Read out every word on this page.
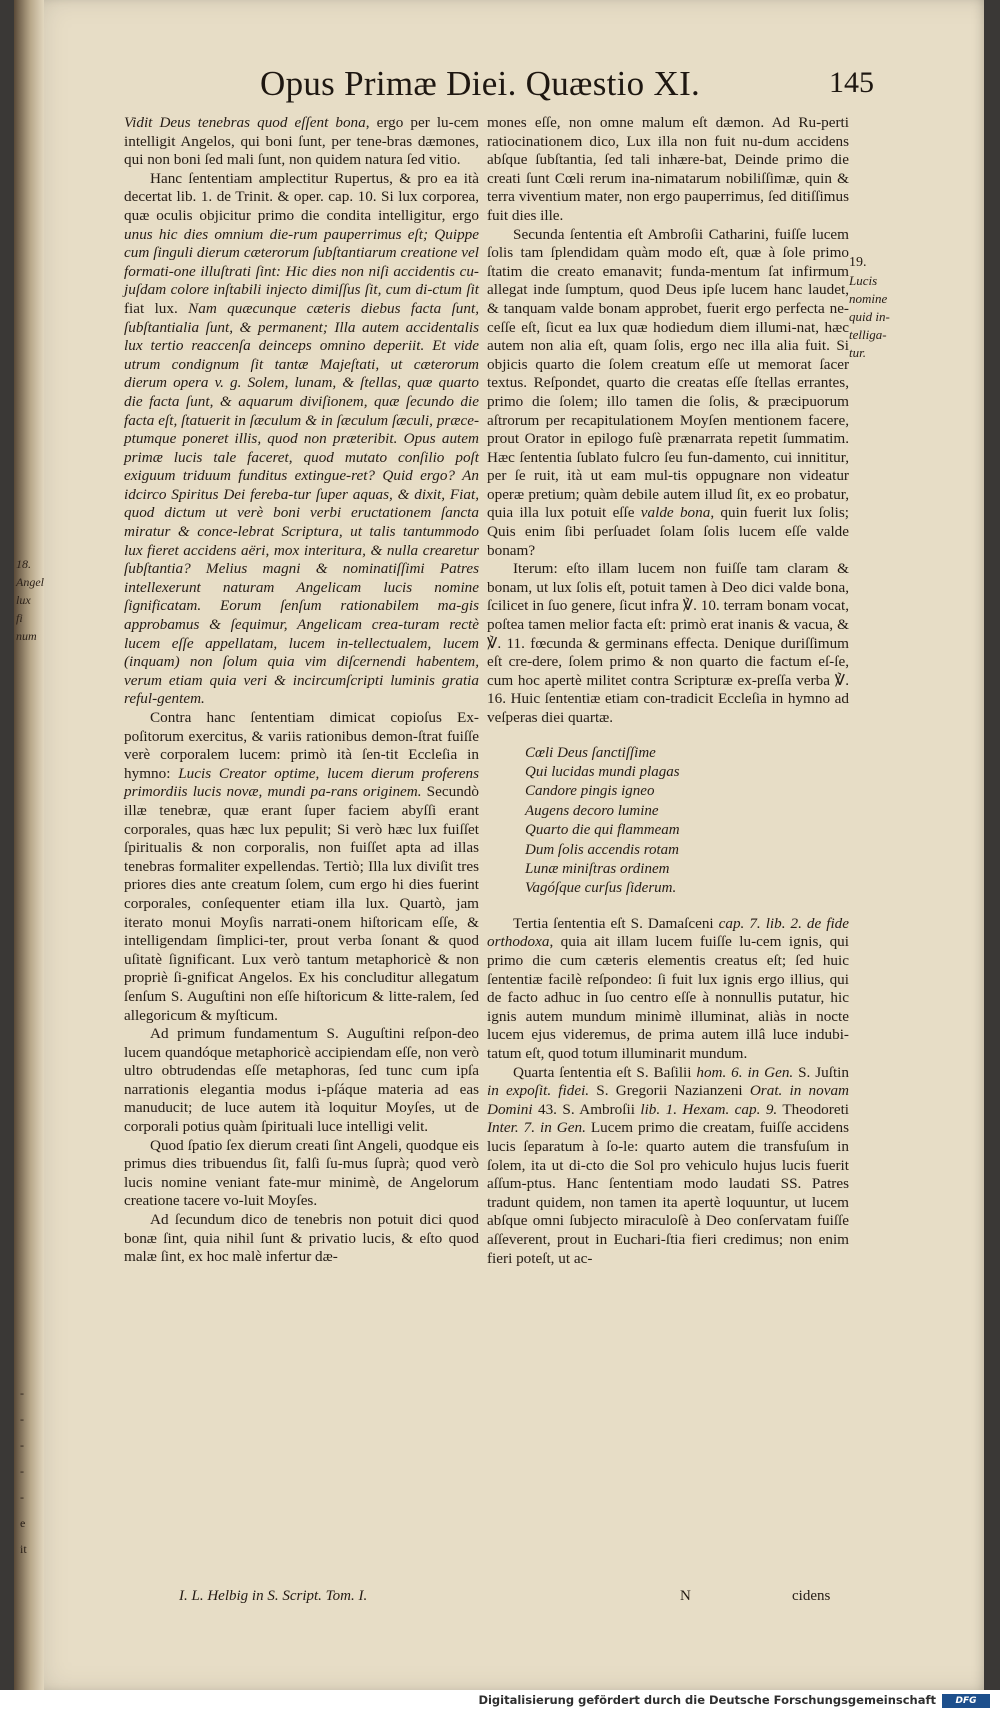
18.
Angel
lux fi
num
-
-
-
-
-
e
it
Opus Primæ Diei. Quæstio XI.	145

Vidit Deus tenebras quod eſſent bona, ergo per lu-cem intelligit Angelos, qui boni ſunt, per tene-bras dæmones, qui non boni ſed mali ſunt, non quidem natura ſed vitio.

Hanc ſententiam amplectitur Rupertus, & pro ea ità decertat lib. 1. de Trinit. & oper. cap. 10. Si lux corporea, quæ oculis objicitur primo die condita intelligitur, ergo unus hic dies omnium die-rum pauperrimus eſt; Quippe cum ſinguli dierum cæterorum ſubſtantiarum creatione vel formati-one illuſtrati ſint: Hic dies non niſi accidentis cu-juſdam colore inſtabili injecto dimiſſus ſit, cum di-ctum ſit fiat lux. Nam quæcunque cæteris diebus facta ſunt, ſubſtantialia ſunt, & permanent; Illa autem accidentalis lux tertio reaccenſa deinceps omnino deperiit. Et vide utrum condignum ſit tantæ Majeſtati, ut cæterorum dierum opera v. g. Solem, lunam, & ſtellas, quæ quarto die facta ſunt, & aquarum diviſionem, quæ ſecundo die facta eſt, ſtatuerit in ſæculum & in ſæculum ſæculi, præce-ptumque poneret illis, quod non præteribit. Opus autem primæ lucis tale faceret, quod mutato conſilio poſt exiguum triduum funditus extingue-ret? Quid ergo? An idcirco Spiritus Dei fereba-tur ſuper aquas, & dixit, Fiat, quod dictum ut verè boni verbi eructationem ſancta miratur & conce-lebrat Scriptura, ut talis tantummodo lux fieret accidens aëri, mox interitura, & nulla crearetur ſubſtantia? Melius magni & nominatiſſimi Patres intellexerunt naturam Angelicam lucis nomine ſignificatam. Eorum ſenſum rationabilem ma-gis approbamus & ſequimur, Angelicam crea-turam rectè lucem eſſe appellatam, lucem in-tellectualem, lucem (inquam) non ſolum quia vim diſcernendi habentem, verum etiam quia veri & incircumſcripti luminis gratia reful-gentem.

Contra hanc ſententiam dimicat copioſus Ex-poſitorum exercitus, & variis rationibus demon-ſtrat fuiſſe verè corporalem lucem: primò ità ſen-tit Eccleſia in hymno: Lucis Creator optime, lucem dierum proferens primordiis lucis novæ, mundi pa-rans originem. Secundò illæ tenebræ, quæ erant ſuper faciem abyſſi erant corporales, quas hæc lux pepulit; Si verò hæc lux fuiſſet ſpiritualis & non corporalis, non fuiſſet apta ad illas tenebras formaliter expellendas. Tertiò; Illa lux diviſit tres priores dies ante creatum ſolem, cum ergo hi dies fuerint corporales, conſequenter etiam illa lux. Quartò, jam iterato monui Moyſis narrati-onem hiſtoricam eſſe, & intelligendam ſimplici-ter, prout verba ſonant & quod uſitatè ſignificant. Lux verò tantum metaphoricè & non propriè ſi-gnificat Angelos. Ex his concluditur allegatum ſenſum S. Auguſtini non eſſe hiſtoricum & litte-ralem, ſed allegoricum & myſticum.

Ad primum fundamentum S. Auguſtini reſpon-deo lucem quandóque metaphoricè accipiendam eſſe, non verò ultro obtrudendas eſſe metaphoras, ſed tunc cum ipſa narrationis elegantia modus i-pſáque materia ad eas manuducit; de luce autem ità loquitur Moyſes, ut de corporali potius quàm ſpirituali luce intelligi velit.

Quod ſpatio ſex dierum creati ſint Angeli, quodque eis primus dies tribuendus ſit, falſi ſu-mus ſuprà; quod verò lucis nomine veniant fate-mur minimè, de Angelorum creatione tacere vo-luit Moyſes.

Ad ſecundum dico de tenebris non potuit dici quod bonæ ſint, quia nihil ſunt & privatio lucis, & eſto quod malæ ſint, ex hoc malè infertur dæ-

mones eſſe, non omne malum eſt dæmon. Ad Ru-perti ratiocinationem dico, Lux illa non fuit nu-dum accidens abſque ſubſtantia, ſed tali inhære-bat, Deinde primo die creati ſunt Cœli rerum ina-nimatarum nobiliſſimæ, quin & terra viventium mater, non ergo pauperrimus, ſed ditiſſimus fuit dies ille.

Secunda ſententia eſt Ambroſii Catharini, fuiſſe lucem ſolis tam ſplendidam quàm modo eſt, quæ à ſole primo ſtatim die creato emanavit; funda-mentum ſat infirmum allegat inde ſumptum, quod Deus ipſe lucem hanc laudet, & tanquam valde bonam approbet, fuerit ergo perfecta ne-ceſſe eſt, ſicut ea lux quæ hodiedum diem illumi-nat, hæc autem non alia eſt, quam ſolis, ergo nec illa alia fuit. Si objicis quarto die ſolem creatum eſſe ut memorat ſacer textus. Reſpondet, quarto die creatas eſſe ſtellas errantes, primo die ſolem; illo tamen die ſolis, & præcipuorum aſtrorum per recapitulationem Moyſen mentionem facere, prout Orator in epilogo fuſè prænarrata repetit ſummatim. Hæc ſententia ſublato fulcro ſeu fun-damento, cui innititur, per ſe ruit, ità ut eam mul-tis oppugnare non videatur operæ pretium; quàm debile autem illud ſit, ex eo probatur, quia illa lux potuit eſſe valde bona, quin fuerit lux ſolis; Quis enim ſibi perſuadet ſolam ſolis lucem eſſe valde bonam?

Iterum: eſto illam lucem non fuiſſe tam claram & bonam, ut lux ſolis eſt, potuit tamen à Deo dici valde bona, ſcilicet in ſuo genere, ſicut infra ℣. 10. terram bonam vocat, poſtea tamen melior facta eſt: primò erat inanis & vacua, & ℣. 11. fœcunda & germinans effecta. Denique duriſſimum eſt cre-dere, ſolem primo & non quarto die factum eſ-ſe, cum hoc apertè militet contra Scripturæ ex-preſſa verba ℣. 16. Huic ſententiæ etiam con-tradicit Eccleſia in hymno ad veſperas diei quartæ.

Cœli Deus ſanctiſſime
Qui lucidas mundi plagas
Candore pingis igneo
Augens decoro lumine
Quarto die qui flammeam
Dum ſolis accendis rotam
Lunæ miniſtras ordinem
Vagóſque curſus ſiderum.

Tertia ſententia eſt S. Damaſceni cap. 7. lib. 2. de fide orthodoxa, quia ait illam lucem fuiſſe lu-cem ignis, qui primo die cum cæteris elementis creatus eſt; ſed huic ſententiæ facilè reſpondeo: ſi fuit lux ignis ergo illius, qui de facto adhuc in ſuo centro eſſe à nonnullis putatur, hic ignis autem mundum minimè illuminat, aliàs in noctе lucem ejus videremus, de prima autem illâ luce indubi-tatum eſt, quod totum illuminarit mundum.

Quarta ſententia eſt S. Baſilii hom. 6. in Gen. S. Juſtin in expoſit. fidei. S. Gregorii Nazianzeni Orat. in novam Domini 43. S. Ambroſii lib. 1. Hexam. cap. 9. Theodoreti Inter. 7. in Gen. Lucem primo die creatam, fuiſſe accidens lucis ſeparatum à ſo-le: quarto autem die transfuſum in ſolem, ita ut di-cto die Sol pro vehiculo hujus lucis fuerit aſſum-ptus. Hanc ſententiam modo laudati SS. Patres tradunt quidem, non tamen ita apertè loquuntur, ut lucem abſque omni ſubjecto miraculoſè à Deo conſervatam fuiſſe aſſeverent, prout in Euchari-ſtia fieri credimus; non enim fieri poteſt, ut ac-

19.
Lucis
nomine
quid in-
telliga-
tur.
I. L. Helbig in S. Script. Tom. I.	N	cidens
Digitalisierung gefördert durch die Deutsche Forschungsgemeinschaft	DFG
